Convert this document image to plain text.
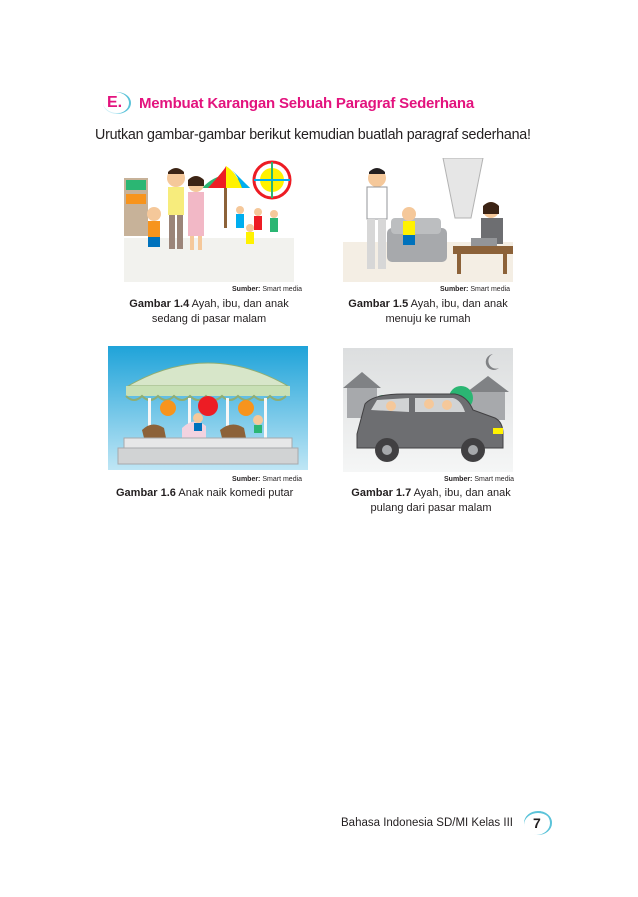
E. Membuat Karangan Sebuah Paragraf Sederhana
Urutkan gambar-gambar berikut kemudian buatlah paragraf sederhana!
Sumber: Smart media
Gambar 1.4 Ayah, ibu, dan anak
sedang di pasar malam
Sumber: Smart media
Gambar 1.5 Ayah, ibu, dan anak
menuju ke rumah
Sumber: Smart media
Gambar 1.6 Anak naik komedi putar
Sumber: Smart media
Gambar 1.7 Ayah, ibu, dan anak
pulang dari pasar malam
Bahasa Indonesia SD/MI Kelas III 7
